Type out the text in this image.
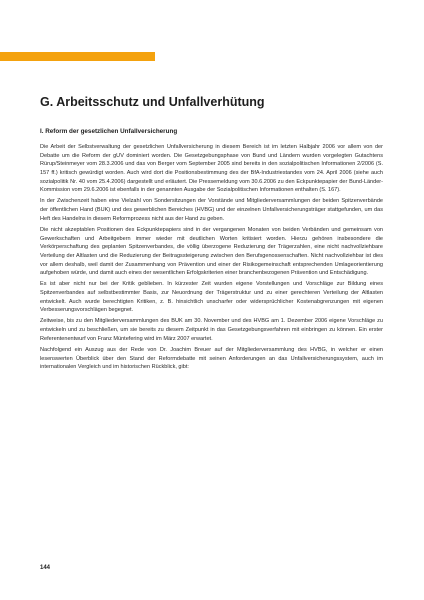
G. Arbeitsschutz und Unfallverhütung
I. Reform der gesetzlichen Unfallversicherung

Die Arbeit der Selbstverwaltung der gesetzlichen Unfallversicherung in diesem Bereich ist im letzten Halbjahr 2006 vor allem von der Debatte um die Reform der gUV dominiert worden. Die Gesetzgebungsphase von Bund und Ländern wurden vorgelegten Gutachtens Rürup/Steinmeyer vom 28.3.2006 und das von Berger vom September 2005 sind bereits in den sozialpolitischen Informationen 2/2006 (S. 157 ff.) kritisch gewürdigt worden. Auch wird dort die Positionsbestimmung des der BfA-Industriestandes vom 24. April 2006 (siehe auch sozialpolitik Nr. 40 vom 25.4.2006) dargestellt und erläutert. Die Pressemeldung vom 30.6.2006 zu den Eckpunktepapier der Bund-Länder-Kommission vom 29.6.2006 ist ebenfalls in der genannten Ausgabe der Sozialpolitischen Informationen enthalten (S. 167).

In der Zwischenzeit haben eine Vielzahl von Sondersitzungen der Vorstände und Mitgliederversammlungen der beiden Spitzenverbände der öffentlichen Hand (BUK) und des gewerblichen Bereiches (HVBG) und der einzelnen Unfallversicherungsträger stattgefunden, um das Heft des Handelns in diesem Reformprozess nicht aus der Hand zu geben.

Die nicht akzeptablen Positionen des Eckpunktepapiers sind in der vergangenen Monaten von beiden Verbänden und gemeinsam von Gewerkschaften und Arbeitgebern immer wieder mit deutlichen Worten kritisiert worden. Hierzu gehören insbesondere die Verkörperschaftung des geplanten Spitzenverbandes, die völlig überzogene Reduzierung der Trägerzahlen, eine nicht nachvollziehbare Verteilung der Altlasten und die Reduzierung der Beitragssteigerung zwischen den Berufsgenossenschaften. Nicht nachvollziehbar ist dies vor allem deshalb, weil damit der Zusammenhang von Prävention und einer der Risikogemeinschaft entsprechenden Umlageorientierung aufgehoben würde, und damit auch eines der wesentlichen Erfolgskriterien einer branchenbezogenen Prävention und Entschädigung.

Es ist aber nicht nur bei der Kritik geblieben. In kürzester Zeit wurden eigene Vorstellungen und Vorschläge zur Bildung eines Spitzenverbandes auf selbstbestimmter Basis, zur Neuordnung der Trägerstruktur und zu einer gerechteren Verteilung der Altlasten entwickelt. Auch wurde berechtigten Kritiken, z. B. hinsichtlich unscharfer oder widersprüchlicher Kostenabgrenzungen mit eigenen Verbesserungsvorschlägen begegnet.

Zeitweise, bis zu den Mitgliederversammlungen des BUK am 30. November und des HVBG am 1. Dezember 2006 eigene Vorschläge zu entwickeln und zu beschließen, um sie bereits zu diesem Zeitpunkt in das Gesetzgebungsverfahren mit einbringen zu können. Ein erster Referentenentwurf von Franz Müntefering wird im März 2007 erwartet.

Nachfolgend ein Auszug aus der Rede von Dr. Joachim Breuer auf der Mitgliederversammlung des HVBG, in welcher er einen lesenswerten Überblick über den Stand der Reformdebatte mit seinen Anforderungen an das Unfallversicherungssystem, auch im internationalen Vergleich und im historischen Rückblick, gibt:

144
